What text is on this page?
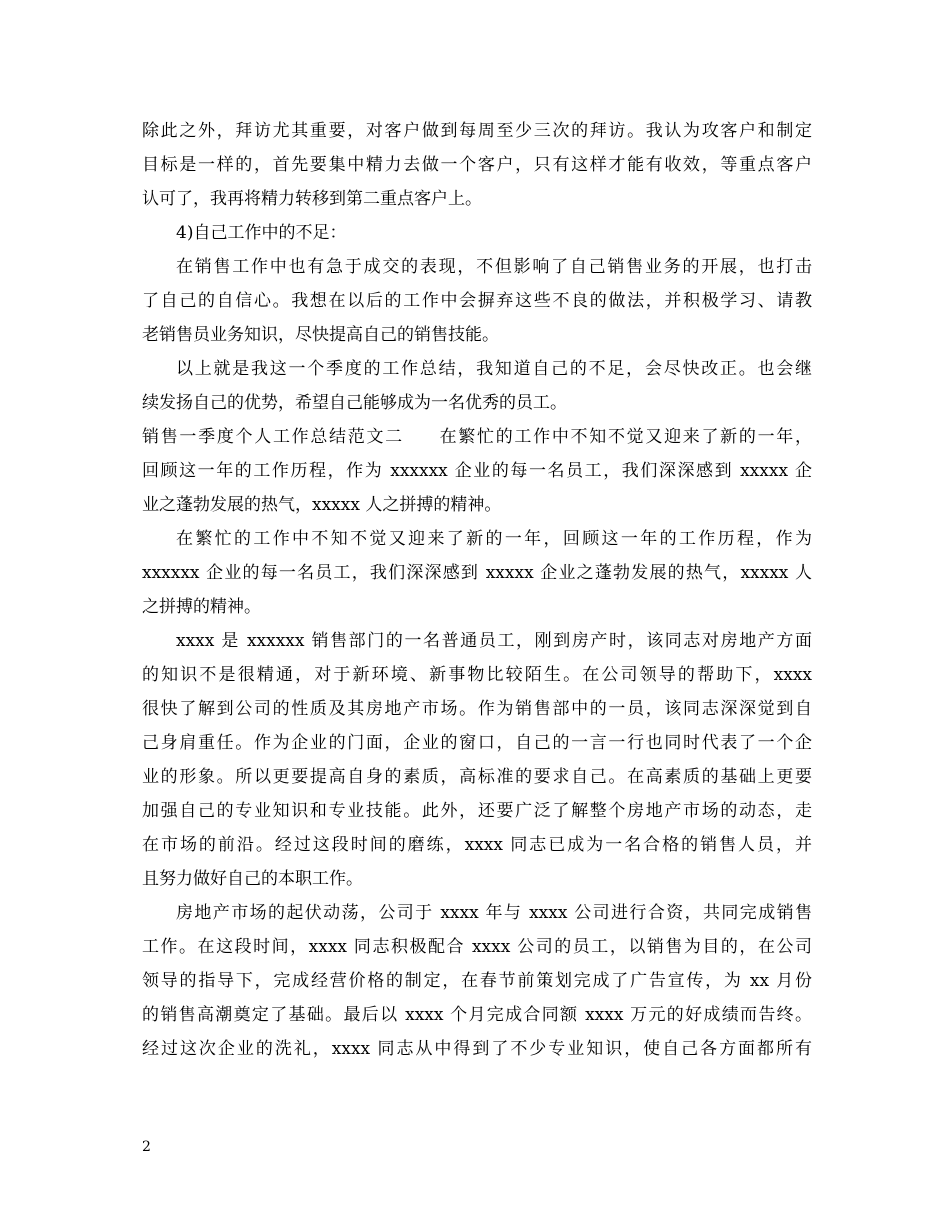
除此之外，拜访尤其重要，对客户做到每周至少三次的拜访。我认为攻客户和制定
目标是一样的，首先要集中精力去做一个客户，只有这样才能有收效，等重点客户
认可了，我再将精力转移到第二重点客户上。
4)自己工作中的不足：
在销售工作中也有急于成交的表现，不但影响了自己销售业务的开展，也打击
了自己的自信心。我想在以后的工作中会摒弃这些不良的做法，并积极学习、请教
老销售员业务知识，尽快提高自己的销售技能。
以上就是我这一个季度的工作总结，我知道自己的不足，会尽快改正。也会继
续发扬自己的优势，希望自己能够成为一名优秀的员工。
销售一季度个人工作总结范文二 在繁忙的工作中不知不觉又迎来了新的一年，
回顾这一年的工作历程，作为 xxxxxx 企业的每一名员工，我们深深感到 xxxxx 企
业之蓬勃发展的热气，xxxxx 人之拼搏的精神。
在繁忙的工作中不知不觉又迎来了新的一年，回顾这一年的工作历程，作为
xxxxxx 企业的每一名员工，我们深深感到 xxxxx 企业之蓬勃发展的热气，xxxxx 人
之拼搏的精神。
xxxx 是 xxxxxx 销售部门的一名普通员工，刚到房产时，该同志对房地产方面
的知识不是很精通，对于新环境、新事物比较陌生。在公司领导的帮助下，xxxx
很快了解到公司的性质及其房地产市场。作为销售部中的一员，该同志深深觉到自
己身肩重任。作为企业的门面，企业的窗口，自己的一言一行也同时代表了一个企
业的形象。所以更要提高自身的素质，高标准的要求自己。在高素质的基础上更要
加强自己的专业知识和专业技能。此外，还要广泛了解整个房地产市场的动态，走
在市场的前沿。经过这段时间的磨练，xxxx 同志已成为一名合格的销售人员，并
且努力做好自己的本职工作。
房地产市场的起伏动荡，公司于 xxxx 年与 xxxx 公司进行合资，共同完成销售
工作。在这段时间，xxxx 同志积极配合 xxxx 公司的员工，以销售为目的，在公司
领导的指导下，完成经营价格的制定，在春节前策划完成了广告宣传，为 xx 月份
的销售高潮奠定了基础。最后以 xxxx 个月完成合同额 xxxx 万元的好成绩而告终。
经过这次企业的洗礼，xxxx 同志从中得到了不少专业知识，使自己各方面都所有
2
